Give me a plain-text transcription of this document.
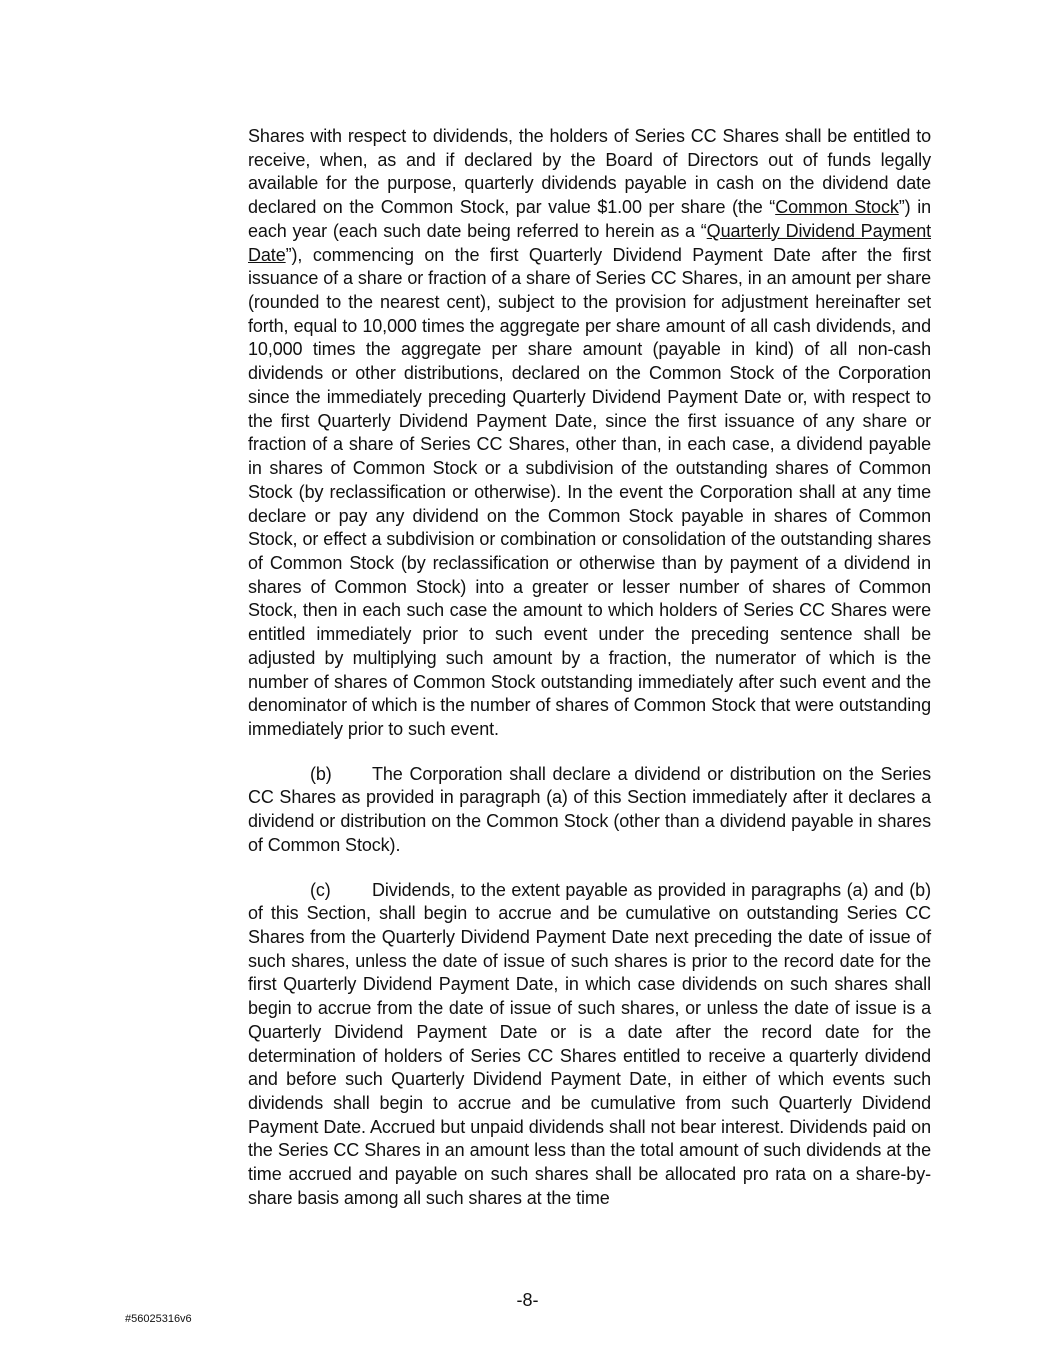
Shares with respect to dividends, the holders of Series CC Shares shall be entitled to receive, when, as and if declared by the Board of Directors out of funds legally available for the purpose, quarterly dividends payable in cash on the dividend date declared on the Common Stock, par value $1.00 per share (the “Common Stock”) in each year (each such date being referred to herein as a “Quarterly Dividend Payment Date”), commencing on the first Quarterly Dividend Payment Date after the first issuance of a share or fraction of a share of Series CC Shares, in an amount per share (rounded to the nearest cent), subject to the provision for adjustment hereinafter set forth, equal to 10,000 times the aggregate per share amount of all cash dividends, and 10,000 times the aggregate per share amount (payable in kind) of all non-cash dividends or other distributions, declared on the Common Stock of the Corporation since the immediately preceding Quarterly Dividend Payment Date or, with respect to the first Quarterly Dividend Payment Date, since the first issuance of any share or fraction of a share of Series CC Shares, other than, in each case, a dividend payable in shares of Common Stock or a subdivision of the outstanding shares of Common Stock (by reclassification or otherwise). In the event the Corporation shall at any time declare or pay any dividend on the Common Stock payable in shares of Common Stock, or effect a subdivision or combination or consolidation of the outstanding shares of Common Stock (by reclassification or otherwise than by payment of a dividend in shares of Common Stock) into a greater or lesser number of shares of Common Stock, then in each such case the amount to which holders of Series CC Shares were entitled immediately prior to such event under the preceding sentence shall be adjusted by multiplying such amount by a fraction, the numerator of which is the number of shares of Common Stock outstanding immediately after such event and the denominator of which is the number of shares of Common Stock that were outstanding immediately prior to such event.

(b) The Corporation shall declare a dividend or distribution on the Series CC Shares as provided in paragraph (a) of this Section immediately after it declares a dividend or distribution on the Common Stock (other than a dividend payable in shares of Common Stock).

(c) Dividends, to the extent payable as provided in paragraphs (a) and (b) of this Section, shall begin to accrue and be cumulative on outstanding Series CC Shares from the Quarterly Dividend Payment Date next preceding the date of issue of such shares, unless the date of issue of such shares is prior to the record date for the first Quarterly Dividend Payment Date, in which case dividends on such shares shall begin to accrue from the date of issue of such shares, or unless the date of issue is a Quarterly Dividend Payment Date or is a date after the record date for the determination of holders of Series CC Shares entitled to receive a quarterly dividend and before such Quarterly Dividend Payment Date, in either of which events such dividends shall begin to accrue and be cumulative from such Quarterly Dividend Payment Date. Accrued but unpaid dividends shall not bear interest. Dividends paid on the Series CC Shares in an amount less than the total amount of such dividends at the time accrued and payable on such shares shall be allocated pro rata on a share-by-share basis among all such shares at the time

-8-
#56025316v6
